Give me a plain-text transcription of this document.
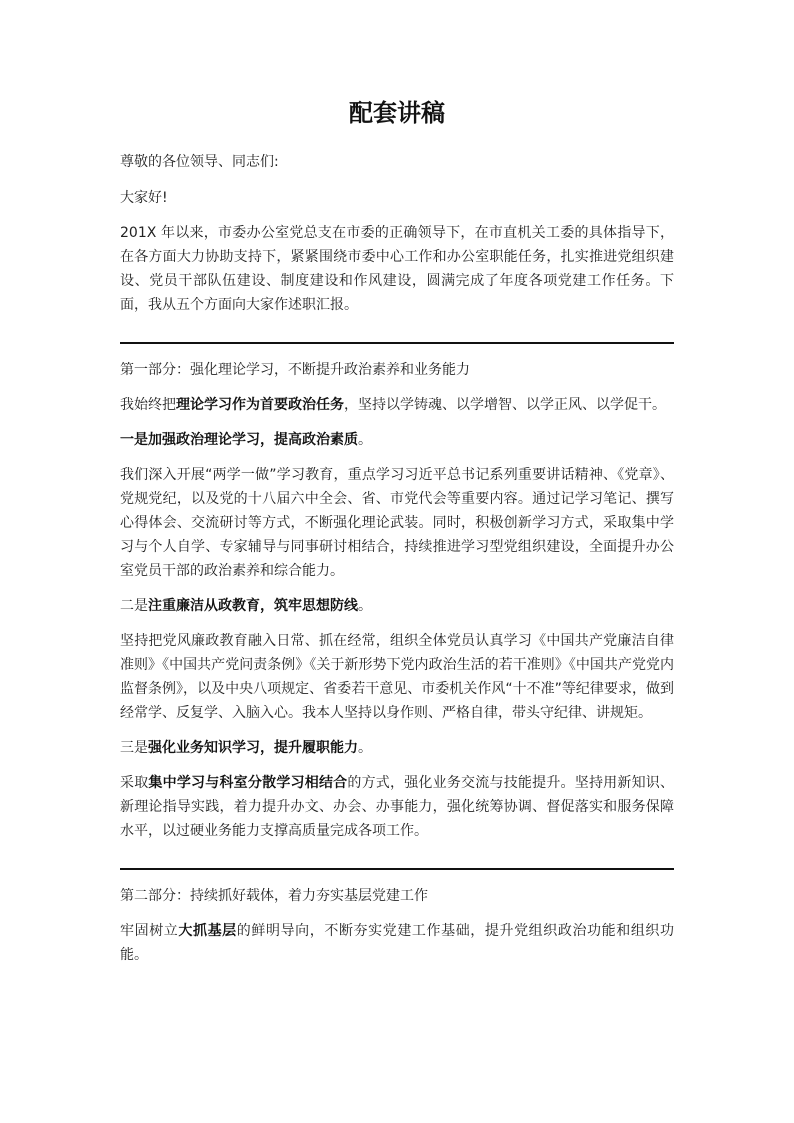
配套讲稿

尊敬的各位领导、同志们:

大家好!

201X 年以来，市委办公室党总支在市委的正确领导下，在市直机关工委的具体指导下，在各方面大力协助支持下，紧紧围绕市委中心工作和办公室职能任务，扎实推进党组织建设、党员干部队伍建设、制度建设和作风建设，圆满完成了年度各项党建工作任务。下面，我从五个方面向大家作述职汇报。

第一部分：强化理论学习，不断提升政治素养和业务能力

我始终把理论学习作为首要政治任务，坚持以学铸魂、以学增智、以学正风、以学促干。

一是加强政治理论学习，提高政治素质。

我们深入开展“两学一做”学习教育，重点学习习近平总书记系列重要讲话精神、《党章》、党规党纪，以及党的十八届六中全会、省、市党代会等重要内容。通过记学习笔记、撰写心得体会、交流研讨等方式，不断强化理论武装。同时，积极创新学习方式，采取集中学习与个人自学、专家辅导与同事研讨相结合，持续推进学习型党组织建设，全面提升办公室党员干部的政治素养和综合能力。

二是注重廉洁从政教育，筑牢思想防线。

坚持把党风廉政教育融入日常、抓在经常，组织全体党员认真学习《中国共产党廉洁自律准则》《中国共产党问责条例》《关于新形势下党内政治生活的若干准则》《中国共产党党内监督条例》，以及中央八项规定、省委若干意见、市委机关作风“十不准”等纪律要求，做到经常学、反复学、入脑入心。我本人坚持以身作则、严格自律，带头守纪律、讲规矩。

三是强化业务知识学习，提升履职能力。

采取集中学习与科室分散学习相结合的方式，强化业务交流与技能提升。坚持用新知识、新理论指导实践，着力提升办文、办会、办事能力，强化统筹协调、督促落实和服务保障水平，以过硬业务能力支撑高质量完成各项工作。

第二部分：持续抓好载体，着力夯实基层党建工作

牢固树立大抓基层的鲜明导向，不断夯实党建工作基础，提升党组织政治功能和组织功能。
